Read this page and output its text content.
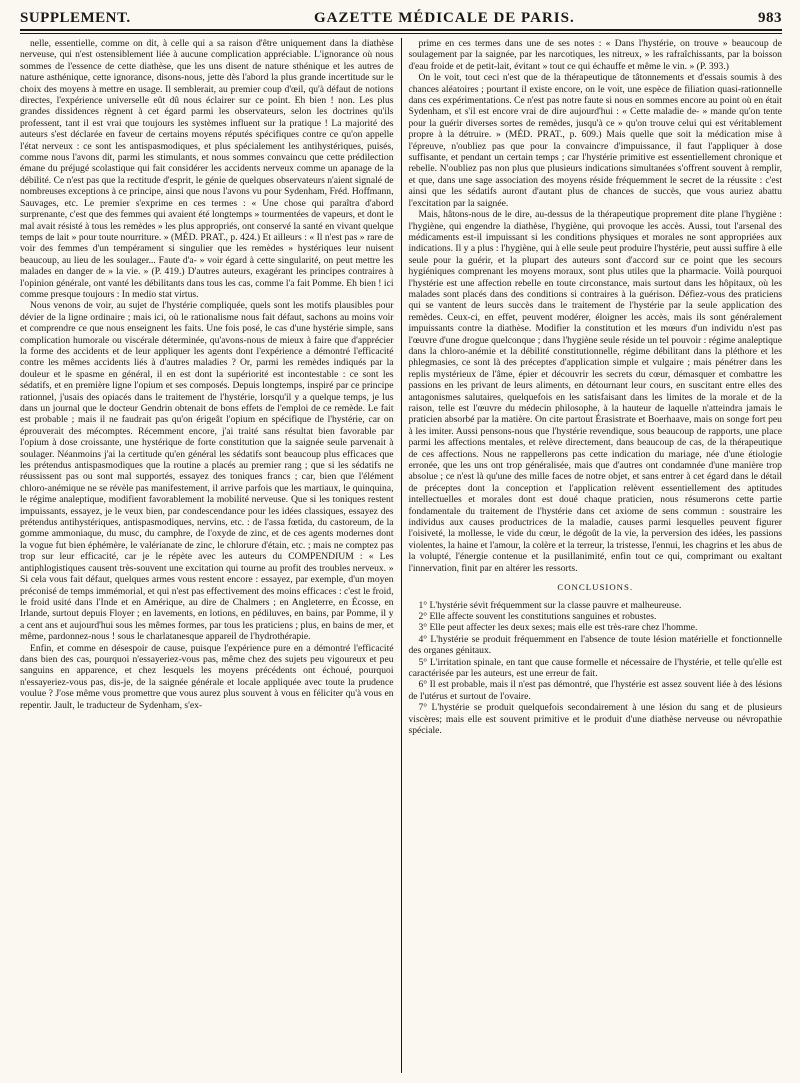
SUPPLEMENT.	GAZETTE MÉDICALE DE PARIS.	983

nelle, essentielle, comme on dit, à celle qui a sa raison d'être uniquement dans la diathèse nerveuse, qui n'est ostensiblement liée à aucune complication appréciable. L'ignorance où nous sommes de l'essence de cette diathèse, que les uns disent de nature sthénique et les autres de nature asthénique, cette ignorance, disons-nous, jette dès l'abord la plus grande incertitude sur le choix des moyens à mettre en usage. Il semblerait, au premier coup d'œil, qu'à défaut de notions directes, l'expérience universelle eût dû nous éclairer sur ce point. Eh bien ! non. Les plus grandes dissidences règnent à cet égard parmi les observateurs, selon les doctrines qu'ils professent, tant il est vrai que toujours les systèmes influent sur la pratique ! La majorité des auteurs s'est déclarée en faveur de certains moyens réputés spécifiques contre ce qu'on appelle l'état nerveux : ce sont les antispasmodiques, et plus spécialement les antihystériques, puisés, comme nous l'avons dit, parmi les stimulants, et nous sommes convaincu que cette prédilection émane du préjugé scolastique qui fait considérer les accidents nerveux comme un apanage de la débilité. Ce n'est pas que la rectitude d'esprit, le génie de quelques observateurs n'aient signalé de nombreuses exceptions à ce principe, ainsi que nous l'avons vu pour Sydenham, Fréd. Hoffmann, Sauvages, etc. Le premier s'exprime en ces termes : « Une chose qui paraîtra d'abord surprenante, c'est que des femmes qui avaient été longtemps » tourmentées de vapeurs, et dont le mal avait résisté à tous les remèdes » les plus appropriés, ont conservé la santé en vivant quelque temps de lait » pour toute nourriture. » (MÉD. PRAT., p. 424.) Et ailleurs : « Il n'est pas » rare de voir des femmes d'un tempérament si singulier que les remèdes » hystériques leur nuisent beaucoup, au lieu de les soulager... Faute d'a- » voir égard à cette singularité, on peut mettre les malades en danger de » la vie. » (P. 419.) D'autres auteurs, exagérant les principes contraires à l'opinion générale, ont vanté les débilitants dans tous les cas, comme l'a fait Pomme. Eh bien ! ici comme presque toujours : In medio stat virtus.

Nous venons de voir, au sujet de l'hystérie compliquée, quels sont les motifs plausibles pour dévier de la ligne ordinaire ; mais ici, où le rationalisme nous fait défaut, sachons au moins voir et comprendre ce que nous enseignent les faits. Une fois posé, le cas d'une hystérie simple, sans complication humorale ou viscérale déterminée, qu'avons-nous de mieux à faire que d'apprécier la forme des accidents et de leur appliquer les agents dont l'expérience a démontré l'efficacité contre les mêmes accidents liés à d'autres maladies ? Or, parmi les remèdes indiqués par la douleur et le spasme en général, il en est dont la supériorité est incontestable : ce sont les sédatifs, et en première ligne l'opium et ses composés. Depuis longtemps, inspiré par ce principe rationnel, j'usais des opiacés dans le traitement de l'hystérie, lorsqu'il y a quelque temps, je lus dans un journal que le docteur Gendrin obtenait de bons effets de l'emploi de ce remède. Le fait est probable ; mais il ne faudrait pas qu'on érigeât l'opium en spécifique de l'hystérie, car on éprouverait des mécomptes. Récemment encore, j'ai traité sans résultat bien favorable par l'opium à dose croissante, une hystérique de forte constitution que la saignée seule parvenait à soulager. Néanmoins j'ai la certitude qu'en général les sédatifs sont beaucoup plus efficaces que les prétendus antispasmodiques que la routine a placés au premier rang ; que si les sédatifs ne réussissent pas ou sont mal supportés, essayez des toniques francs ; car, bien que l'élément chloro-anémique ne se révèle pas manifestement, il arrive parfois que les martiaux, le quinquina, le régime analeptique, modifient favorablement la mobilité nerveuse. Que si les toniques restent impuissants, essayez, je le veux bien, par condescendance pour les idées classiques, essayez des prétendus antihystériques, antispasmodiques, nervins, etc. : de l'assa fœtida, du castoreum, de la gomme ammoniaque, du musc, du camphre, de l'oxyde de zinc, et de ces agents modernes dont la vogue fut bien éphémère, le valérianate de zinc, le chlorure d'étain, etc. ; mais ne comptez pas trop sur leur efficacité, car je le répète avec les auteurs du COMPENDIUM : « Les antiphlogistiques causent très-souvent une excitation qui tourne au profit des troubles nerveux. » Si cela vous fait défaut, quelques armes vous restent encore : essayez, par exemple, d'un moyen préconisé de temps immémorial, et qui n'est pas effectivement des moins efficaces : c'est le froid, le froid usité dans l'Inde et en Amérique, au dire de Chalmers ; en Angleterre, en Écosse, en Irlande, surtout depuis Floyer ; en lavements, en lotions, en pédiluves, en bains, par Pomme, il y a cent ans et aujourd'hui sous les mêmes formes, par tous les praticiens ; plus, en bains de mer, et même, pardonnez-nous ! sous le charlatanesque appareil de l'hydrothérapie.

Enfin, et comme en désespoir de cause, puisque l'expérience pure en a démontré l'efficacité dans bien des cas, pourquoi n'essayeriez-vous pas, même chez des sujets peu vigoureux et peu sanguins en apparence, et chez lesquels les moyens précédents ont échoué, pourquoi n'essayeriez-vous pas, dis-je, de la saignée générale et locale appliquée avec toute la prudence voulue ? J'ose même vous promettre que vous aurez plus souvent à vous en féliciter qu'à vous en repentir. Jault, le traducteur de Sydenham, s'ex-

prime en ces termes dans une de ses notes : « Dans l'hystérie, on trouve » beaucoup de soulagement par la saignée, par les narcotiques, les nitreux, » les rafraîchissants, par la boisson d'eau froide et de petit-lait, évitant » tout ce qui échauffe et même le vin. » (P. 393.)

On le voit, tout ceci n'est que de la thérapeutique de tâtonnements et d'essais soumis à des chances aléatoires ; pourtant il existe encore, on le voit, une espèce de filiation quasi-rationnelle dans ces expérimentations. Ce n'est pas notre faute si nous en sommes encore au point où en était Sydenham, et s'il est encore vrai de dire aujourd'hui : « Cette maladie de- » mande qu'on tente pour la guérir diverses sortes de remèdes, jusqu'à ce » qu'on trouve celui qui est véritablement propre à la détruire. » (MÉD. PRAT., p. 609.) Mais quelle que soit la médication mise à l'épreuve, n'oubliez pas que pour la convaincre d'impuissance, il faut l'appliquer à dose suffisante, et pendant un certain temps ; car l'hystérie primitive est essentiellement chronique et rebelle. N'oubliez pas non plus que plusieurs indications simultanées s'offrent souvent à remplir, et que, dans une sage association des moyens réside fréquemment le secret de la réussite : c'est ainsi que les sédatifs auront d'autant plus de chances de succès, que vous auriez abattu l'excitation par la saignée.

Mais, hâtons-nous de le dire, au-dessus de la thérapeutique proprement dite plane l'hygiène : l'hygiène, qui engendre la diathèse, l'hygiène, qui provoque les accès. Aussi, tout l'arsenal des médicaments est-il impuissant si les conditions physiques et morales ne sont appropriées aux indications. Il y a plus : l'hygiène, qui à elle seule peut produire l'hystérie, peut aussi suffire à elle seule pour la guérir, et la plupart des auteurs sont d'accord sur ce point que les secours hygiéniques comprenant les moyens moraux, sont plus utiles que la pharmacie. Voilà pourquoi l'hystérie est une affection rebelle en toute circonstance, mais surtout dans les hôpitaux, où les malades sont placés dans des conditions si contraires à la guérison. Défiez-vous des praticiens qui se vantent de leurs succès dans le traitement de l'hystérie par la seule application des remèdes. Ceux-ci, en effet, peuvent modérer, éloigner les accès, mais ils sont généralement impuissants contre la diathèse. Modifier la constitution et les mœurs d'un individu n'est pas l'œuvre d'une drogue quelconque ; dans l'hygiène seule réside un tel pouvoir : régime analeptique dans la chloro-anémie et la débilité constitutionnelle, régime débilitant dans la pléthore et les phlegmasies, ce sont là des préceptes d'application simple et vulgaire ; mais pénétrer dans les replis mystérieux de l'âme, épier et découvrir les secrets du cœur, démasquer et combattre les passions en les privant de leurs aliments, en détournant leur cours, en suscitant entre elles des antagonismes salutaires, quelquefois en les satisfaisant dans les limites de la morale et de la raison, telle est l'œuvre du médecin philosophe, à la hauteur de laquelle n'atteindra jamais le praticien absorbé par la matière. On cite partout Érasistrate et Boerhaave, mais on songe fort peu à les imiter. Aussi pensons-nous que l'hystérie revendique, sous beaucoup de rapports, une place parmi les affections mentales, et relève directement, dans beaucoup de cas, de la thérapeutique de ces affections. Nous ne rappellerons pas cette indication du mariage, née d'une étiologie erronée, que les uns ont trop généralisée, mais que d'autres ont condamnée d'une manière trop absolue ; ce n'est là qu'une des mille faces de notre objet, et sans entrer à cet égard dans le détail de préceptes dont la conception et l'application relèvent essentiellement des aptitudes intellectuelles et morales dont est doué chaque praticien, nous résumerons cette partie fondamentale du traitement de l'hystérie dans cet axiome de sens commun : soustraire les individus aux causes productrices de la maladie, causes parmi lesquelles peuvent figurer l'oisiveté, la mollesse, le vide du cœur, le dégoût de la vie, la perversion des idées, les passions violentes, la haine et l'amour, la colère et la terreur, la tristesse, l'ennui, les chagrins et les abus de la volupté, l'énergie contenue et la pusillanimité, enfin tout ce qui, comprimant ou exaltant l'innervation, finit par en altérer les ressorts.

CONCLUSIONS.

1° L'hystérie sévit fréquemment sur la classe pauvre et malheureuse.

2° Elle affecte souvent les constitutions sanguines et robustes.

3° Elle peut affecter les deux sexes; mais elle est très-rare chez l'homme.

4° L'hystérie se produit fréquemment en l'absence de toute lésion matérielle et fonctionnelle des organes génitaux.

5° L'irritation spinale, en tant que cause formelle et nécessaire de l'hystérie, et telle qu'elle est caractérisée par les auteurs, est une erreur de fait.

6° Il est probable, mais il n'est pas démontré, que l'hystérie est assez souvent liée à des lésions de l'utérus et surtout de l'ovaire.

7° L'hystérie se produit quelquefois secondairement à une lésion du sang et de plusieurs viscères; mais elle est souvent primitive et le produit d'une diathèse nerveuse ou névropathie spéciale.
